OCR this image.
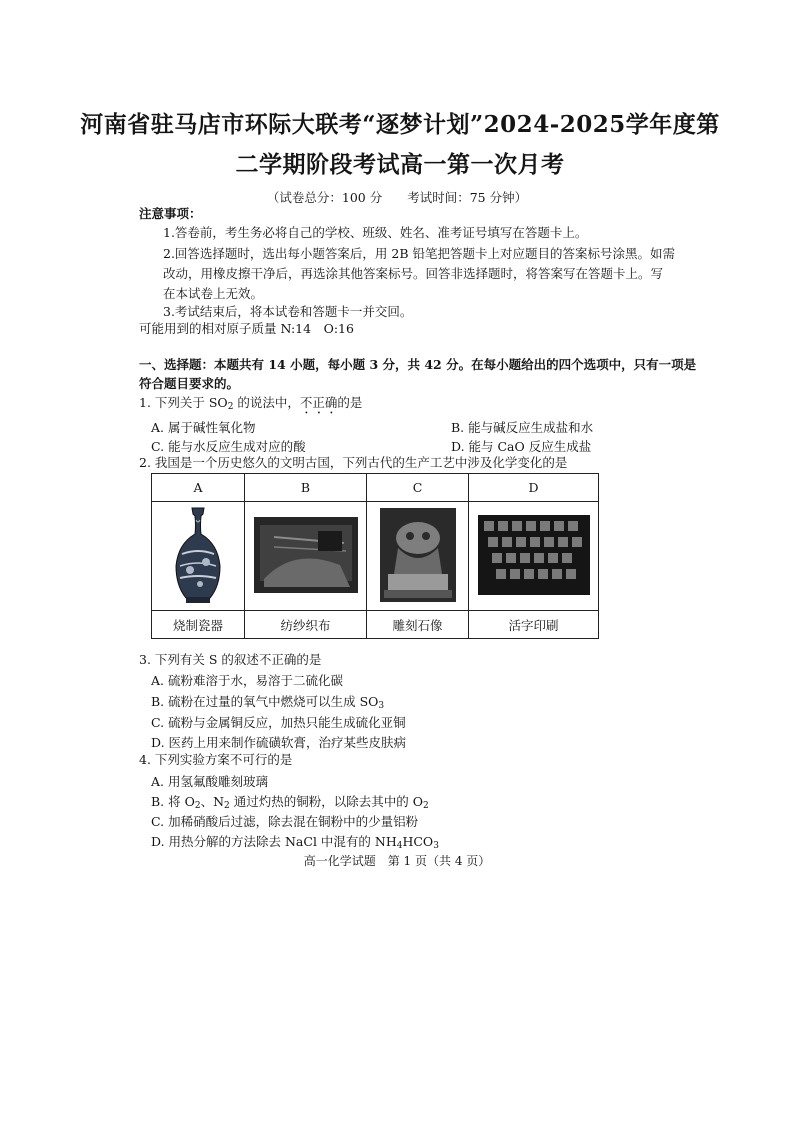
河南省驻马店市环际大联考“逐梦计划”2024-2025学年度第
二学期阶段考试高一第一次月考
（试卷总分：100 分　　考试时间：75 分钟）
注意事项：
1.答卷前，考生务必将自己的学校、班级、姓名、准考证号填写在答题卡上。
2.回答选择题时，选出每小题答案后，用 2B 铅笔把答题卡上对应题目的答案标号涂黑。如需
改动，用橡皮擦干净后，再选涂其他答案标号。回答非选择题时，将答案写在答题卡上。写
在本试卷上无效。
3.考试结束后，将本试卷和答题卡一并交回。
可能用到的相对原子质量 N:14　O:16
一、选择题：本题共有 14 小题，每小题 3 分，共 42 分。在每小题给出的四个选项中，只有一项是
符合题目要求的。
1. 下列关于 $SO_2$ 的说法中，不正确的是
A. 属于碱性氧化物	B. 能与碱反应生成盐和水
C. 能与水反应生成对应的酸	D. 能与 CaO 反应生成盐
2. 我国是一个历史悠久的文明古国，下列古代的生产工艺中涉及化学变化的是
A	B	C	D

烧制瓷器	纺纱织布	雕刻石像	活字印刷
3. 下列有关 S 的叙述不正确的是
A. 硫粉难溶于水，易溶于二硫化碳
B. 硫粉在过量的氧气中燃烧可以生成 $SO_3$
C. 硫粉与金属铜反应，加热只能生成硫化亚铜
D. 医药上用来制作硫磺软膏，治疗某些皮肤病
4. 下列实验方案不可行的是
A. 用氢氟酸雕刻玻璃
B. 将 $O_2$、$N_2$ 通过灼热的铜粉，以除去其中的 $O_2$
C. 加稀硝酸后过滤，除去混在铜粉中的少量铝粉
D. 用热分解的方法除去 NaCl 中混有的 $NH_4HCO_3$
高一化学试题　第 1 页（共 4 页）
